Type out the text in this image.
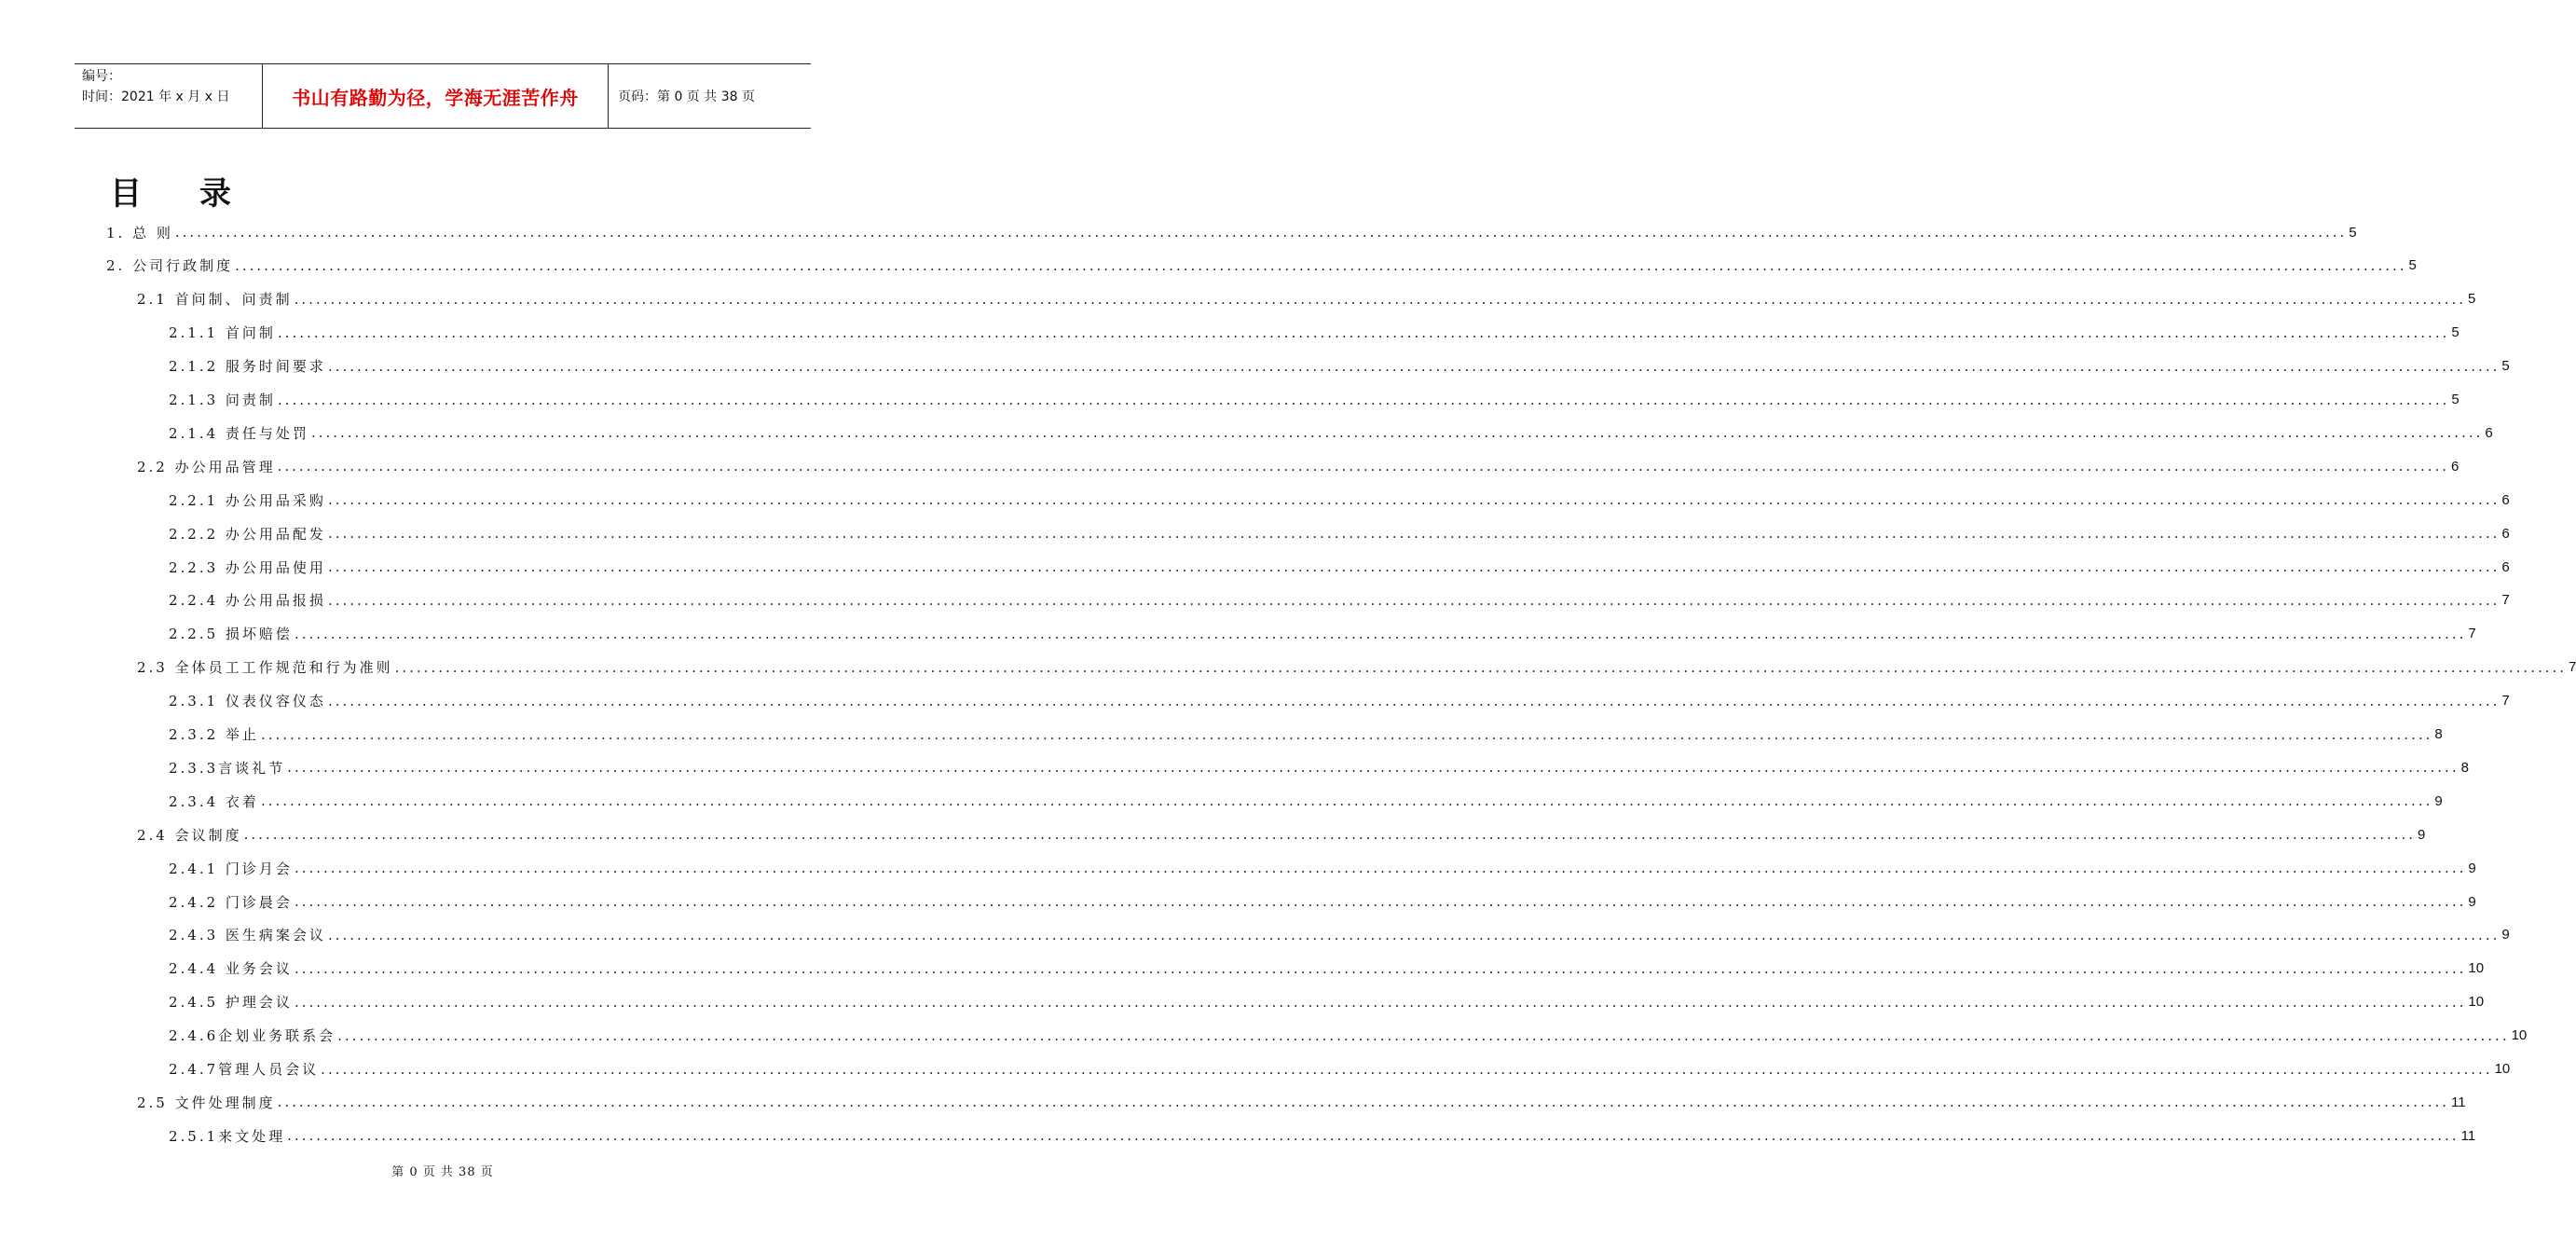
编号：
时间：2021 年 x 月 x 日	书山有路勤为径，学海无涯苦作舟	页码：第 0 页 共 38 页
目 录
1. 总 则 ............................................................................................................................................................................................................................................................................................................ 5
2. 公司行政制度 ............................................................................................................................................................................................................................................................................................................ 5
2.1 首问制、问责制 ............................................................................................................................................................................................................................................................................................................ 5
2.1.1 首问制 ............................................................................................................................................................................................................................................................................................................ 5
2.1.2 服务时间要求 ............................................................................................................................................................................................................................................................................................................ 5
2.1.3 问责制 ............................................................................................................................................................................................................................................................................................................ 5
2.1.4 责任与处罚 ............................................................................................................................................................................................................................................................................................................ 6
2.2 办公用品管理 ............................................................................................................................................................................................................................................................................................................ 6
2.2.1 办公用品采购 ............................................................................................................................................................................................................................................................................................................ 6
2.2.2 办公用品配发 ............................................................................................................................................................................................................................................................................................................ 6
2.2.3 办公用品使用 ............................................................................................................................................................................................................................................................................................................ 6
2.2.4 办公用品报损 ............................................................................................................................................................................................................................................................................................................ 7
2.2.5 损坏赔偿 ............................................................................................................................................................................................................................................................................................................ 7
2.3 全体员工工作规范和行为准则 ............................................................................................................................................................................................................................................................................................................ 7
2.3.1 仪表仪容仪态 ............................................................................................................................................................................................................................................................................................................ 7
2.3.2 举止 ............................................................................................................................................................................................................................................................................................................ 8
2.3.3言谈礼节 ............................................................................................................................................................................................................................................................................................................ 8
2.3.4 衣着 ............................................................................................................................................................................................................................................................................................................ 9
2.4 会议制度 ............................................................................................................................................................................................................................................................................................................ 9
2.4.1 门诊月会 ............................................................................................................................................................................................................................................................................................................ 9
2.4.2 门诊晨会 ............................................................................................................................................................................................................................................................................................................ 9
2.4.3 医生病案会议 ............................................................................................................................................................................................................................................................................................................ 9
2.4.4 业务会议 ............................................................................................................................................................................................................................................................................................................ 10
2.4.5 护理会议 ............................................................................................................................................................................................................................................................................................................ 10
2.4.6企划业务联系会 ............................................................................................................................................................................................................................................................................................................ 10
2.4.7管理人员会议 ............................................................................................................................................................................................................................................................................................................ 10
2.5 文件处理制度 ............................................................................................................................................................................................................................................................................................................ 11
2.5.1来文处理 ............................................................................................................................................................................................................................................................................................................ 11
第 0 页 共 38 页
